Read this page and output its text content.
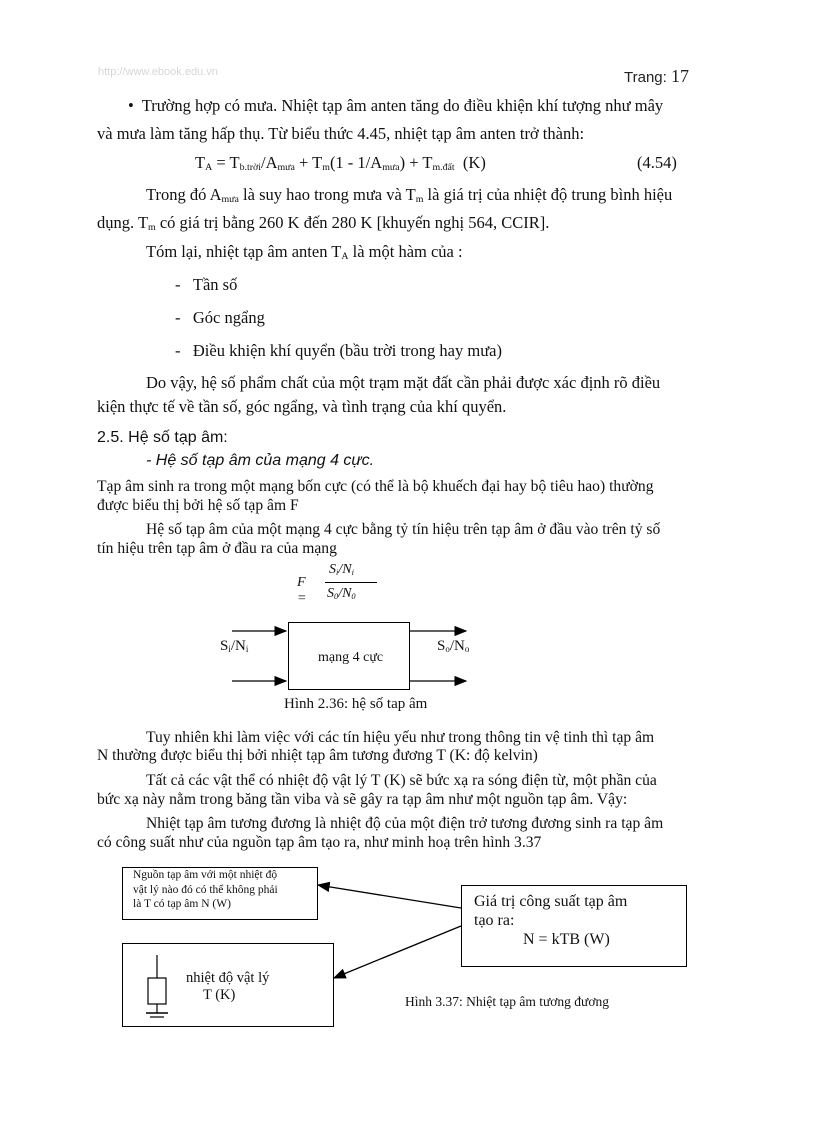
http://www.ebook.edu.vn	Trang: 17
• Trường hợp có mưa. Nhiệt tạp âm anten tăng do điều khiện khí tượng như mây
và mưa làm tăng hấp thụ. Từ biểu thức 4.45, nhiệt tạp âm anten trở thành:
$T_A = T_{b.trời}/A_{mưa} + T_m(1 - 1/A_{mưa}) + T_{m.đất}$  (K)	(4.54)
Trong đó $A_{mưa}$ là suy hao trong mưa và $T_m$ là giá trị của nhiệt độ trung bình hiệu
dụng. $T_m$ có giá trị bằng 260 K đến 280 K [khuyến nghị 564, CCIR].
Tóm lại, nhiệt tạp âm anten $T_A$ là một hàm của :
-   Tần số
-   Góc ngẩng
-   Điều khiện khí quyển (bầu trời trong hay mưa)
Do vậy, hệ số phẩm chất của một trạm mặt đất cần phải được xác định rõ điều
kiện thực tế về tần số, góc ngẩng, và tình trạng của khí quyển.
2.5. Hệ số tạp âm:
- Hệ số tạp âm của mạng 4 cực.
Tạp âm sinh ra trong một mạng bốn cực (có thể là bộ khuếch đại hay bộ tiêu hao) thường
được biểu thị bởi hệ số tạp âm F
Hệ số tạp âm của một mạng 4 cực bằng tỷ tín hiệu trên tạp âm ở đầu vào trên tỷ số
tín hiệu trên tạp âm ở đầu ra của mạng
F =
$S_i/N_i$
$S_0/N_0$
mạng 4 cực
$S_i/N_i$	$S_o/N_o$
Hình 2.36: hệ số tap âm
Tuy nhiên khi làm việc với các tín hiệu yếu như trong thông tin vệ tinh thì tạp âm
N thường được biểu thị bởi nhiệt tạp âm tương đương T (K: độ kelvin)
Tất cả các vật thể có nhiệt độ vật lý T (K) sẽ bức xạ ra sóng điện từ, một phần của
bức xạ này nằm trong băng tần viba và sẽ gây ra tạp âm như một nguồn tạp âm. Vậy:
Nhiệt tạp âm tương đương là nhiệt độ của một điện trở tương đương sinh ra tạp âm
có công suất như của nguồn tạp âm tạo ra, như minh hoạ trên hình 3.37
Nguồn tạp âm với một nhiệt độ
vật lý nào đó có thể không phải
là T có tạp âm N (W)
nhiệt độ vật lý
T (K)
Giá trị công suất tạp âm
tạo ra:
N = kTB (W)
Hình 3.37: Nhiệt tạp âm tương đương
